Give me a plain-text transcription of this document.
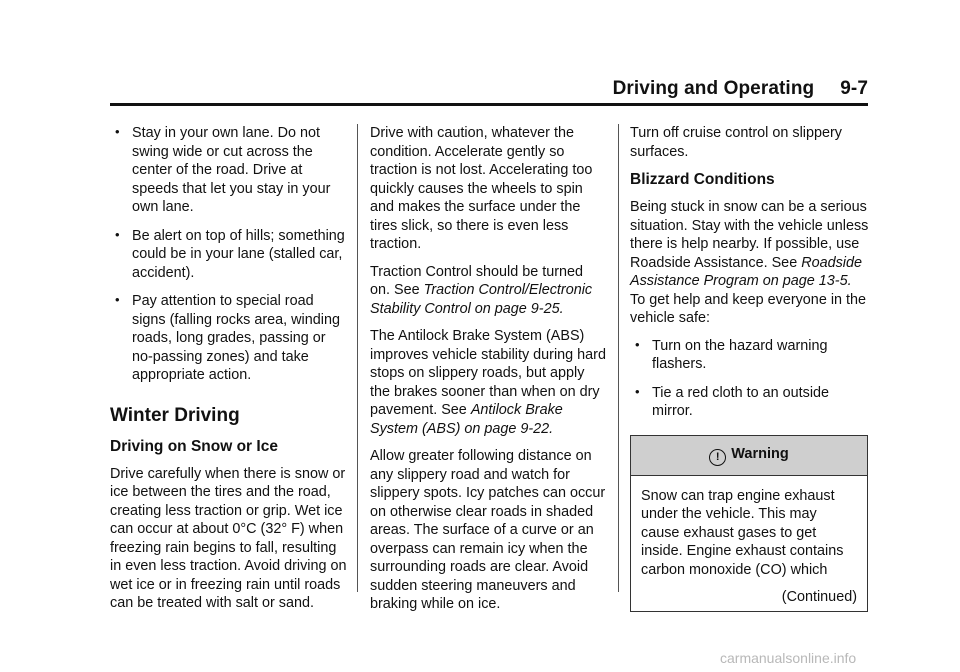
Driving and Operating 9-7
• Stay in your own lane. Do not swing wide or cut across the center of the road. Drive at speeds that let you stay in your own lane.
• Be alert on top of hills; something could be in your lane (stalled car, accident).
• Pay attention to special road signs (falling rocks area, winding roads, long grades, passing or no-passing zones) and take appropriate action.
Winter Driving
Driving on Snow or Ice

Drive carefully when there is snow or ice between the tires and the road, creating less traction or grip. Wet ice can occur at about 0°C (32° F) when freezing rain begins to fall, resulting in even less traction. Avoid driving on wet ice or in freezing rain until roads can be treated with salt or sand.

Drive with caution, whatever the condition. Accelerate gently so traction is not lost. Accelerating too quickly causes the wheels to spin and makes the surface under the tires slick, so there is even less traction.

Traction Control should be turned on. See Traction Control/Electronic Stability Control on page 9-25.

The Antilock Brake System (ABS) improves vehicle stability during hard stops on slippery roads, but apply the brakes sooner than when on dry pavement. See Antilock Brake System (ABS) on page 9-22.

Allow greater following distance on any slippery road and watch for slippery spots. Icy patches can occur on otherwise clear roads in shaded areas. The surface of a curve or an overpass can remain icy when the surrounding roads are clear. Avoid sudden steering maneuvers and braking while on ice.

Turn off cruise control on slippery surfaces.

Blizzard Conditions

Being stuck in snow can be a serious situation. Stay with the vehicle unless there is help nearby. If possible, use Roadside Assistance. See Roadside Assistance Program on page 13-5. To get help and keep everyone in the vehicle safe:

• Turn on the hazard warning flashers.
• Tie a red cloth to an outside mirror.
! Warning

Snow can trap engine exhaust under the vehicle. This may cause exhaust gases to get inside. Engine exhaust contains carbon monoxide (CO) which

(Continued)

carmanualsonline.info
